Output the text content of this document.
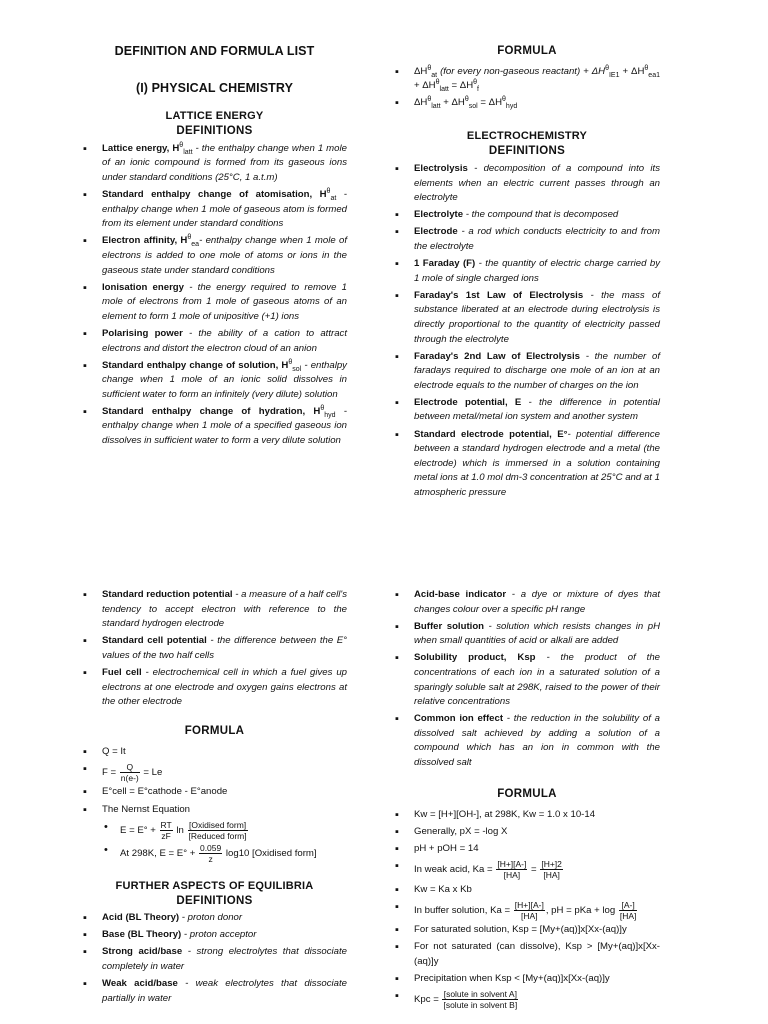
DEFINITION AND FORMULA LIST
(I) PHYSICAL CHEMISTRY
LATTICE ENERGY
DEFINITIONS
▪ Lattice energy, $H^\theta_{latt}$ - the enthalpy change when 1 mole of an ionic compound is formed from its gaseous ions under standard conditions (25°C, 1 a.t.m)
▪ Standard enthalpy change of atomisation, $H^\theta_{at}$ - enthalpy change when 1 mole of gaseous atom is formed from its element under standard conditions
▪ Electron affinity, $H^\theta_{ea}-$ enthalpy change when 1 mole of electrons is added to one mole of atoms or ions in the gaseous state under standard conditions
▪ Ionisation energy - the energy required to remove 1 mole of electrons from 1 mole of gaseous atoms of an element to form 1 mole of unipositive (+1) ions
▪ Polarising power - the ability of a cation to attract electrons and distort the electron cloud of an anion
▪ Standard enthalpy change of solution, $H^\theta_{sol}$ - enthalpy change when 1 mole of an ionic solid dissolves in sufficient water to form an infinitely (very dilute) solution
▪ Standard enthalpy change of hydration, $H^\theta_{hyd}$ - enthalpy change when 1 mole of a specified gaseous ion dissolves in sufficient water to form a very dilute solution
FORMULA
▪ $\Delta H^\theta_{at}$ (for every non-gaseous reactant) + $\Delta H^\theta_{IE1} + \Delta H^\theta_{ea1} + \Delta H^\theta_{latt} = \Delta H^\theta_f$
▪ $\Delta H^\theta_{latt} + \Delta H^\theta_{sol} = \Delta H^\theta_{hyd}$
ELECTROCHEMISTRY
DEFINITIONS
▪ Electrolysis - decomposition of a compound into its elements when an electric current passes through an electrolyte
▪ Electrolyte - the compound that is decomposed
▪ Electrode - a rod which conducts electricity to and from the electrolyte
▪ 1 Faraday (F) - the quantity of electric charge carried by 1 mole of single charged ions
▪ Faraday's 1st Law of Electrolysis - the mass of substance liberated at an electrode during electrolysis is directly proportional to the quantity of electricity passed through the electrolyte
▪ Faraday's 2nd Law of Electrolysis - the number of faradays required to discharge one mole of an ion at an electrode equals to the number of charges on the ion
▪ Electrode potential, E - the difference in potential between metal/metal ion system and another system
▪ Standard electrode potential, E°- potential difference between a standard hydrogen electrode and a metal (the electrode) which is immersed in a solution containing metal ions at 1.0 mol dm-3 concentration at 25°C and at 1 atmospheric pressure
▪ Standard reduction potential - a measure of a half cell's tendency to accept electron with reference to the standard hydrogen electrode
▪ Standard cell potential - the difference between the E° values of the two half cells
▪ Fuel cell - electrochemical cell in which a fuel gives up electrons at one electrode and oxygen gains electrons at the other electrode
FORMULA
▪ Q = It
▪ $F = \frac{Q}{n(e-)} = Le$
▪ E°cell = E°cathode - E°anode
▪ The Nernst Equation
• $E = E^\circ + \frac{RT}{zF}$ $\ln \frac{\text{[Oxidised form]}}{\text{[Reduced form]}}$
• At 298K, $E = E^\circ + \frac{0.059}{z} \log 10$ [Oxidised form]
FURTHER ASPECTS OF EQUILIBRIA
DEFINITIONS
▪ Acid (BL Theory) - proton donor
▪ Base (BL Theory) - proton acceptor
▪ Strong acid/base - strong electrolytes that dissociate completely in water
▪ Weak acid/base - weak electrolytes that dissociate partially in water
▪ Acid-base indicator - a dye or mixture of dyes that changes colour over a specific pH range
▪ Buffer solution - solution which resists changes in pH when small quantities of acid or alkali are added
▪ Solubility product, Ksp - the product of the concentrations of each ion in a saturated solution of a sparingly soluble salt at 298K, raised to the power of their relative concentrations
▪ Common ion effect - the reduction in the solubility of a dissolved salt achieved by adding a solution of a compound which has an ion in common with the dissolved salt
FORMULA
▪ Kw = [H+][OH-], at 298K, Kw = 1.0 x 10-14
▪ Generally, pX = -log X
▪ pH + pOH = 14
▪ In weak acid, $Ka = \frac{[H+][A-]}{[HA]} = \frac{[H+]2}{[HA]}$
▪ Kw = Ka x Kb
▪ In buffer solution, $Ka = \frac{[H+][A-]}{[HA]}$ , pH = pKa + $\log \frac{[A-]}{[HA]}$
▪ For saturated solution, Ksp = [My+(aq)]x[Xx-(aq)]y
▪ For not saturated (can dissolve), Ksp > [My+(aq)]x[Xx-(aq)]y
▪ Precipitation when Ksp < [My+(aq)]x[Xx-(aq)]y
▪ Kpc = $\frac{\text{[solute in solvent A]}}{\text{[solute in solvent B]}}$
